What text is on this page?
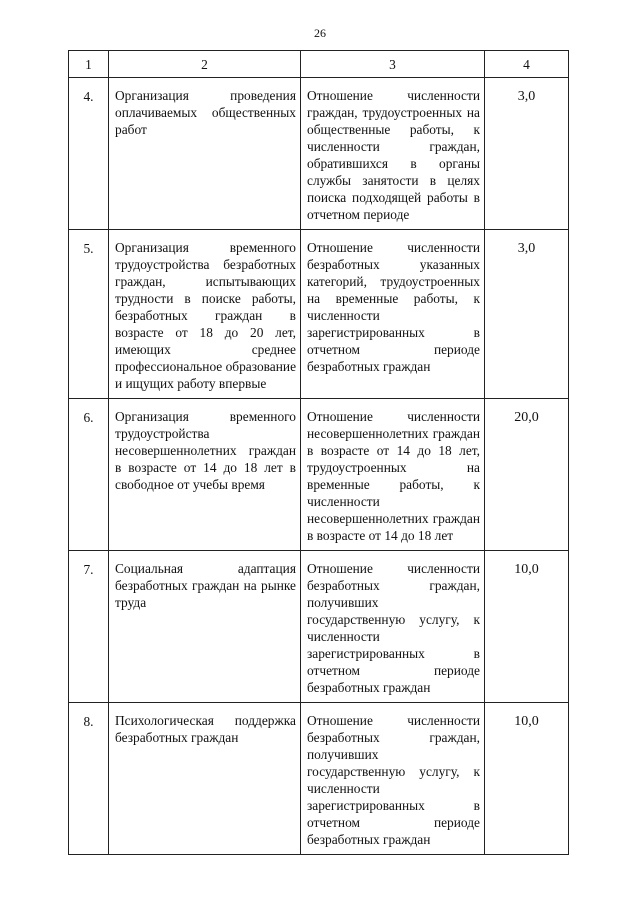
26
1	2	3	4
4.	Организация проведения оплачиваемых общественных работ	Отношение численности граждан, трудоустроенных на общественные работы, к численности граждан, обратившихся в органы службы занятости в целях поиска подходящей работы в отчетном периоде	3,0
5.	Организация временного трудоустройства безработных граждан, испытывающих трудности в поиске работы, безработных граждан в возрасте от 18 до 20 лет, имеющих среднее профессиональное образование и ищущих работу впервые	Отношение численности безработных указанных категорий, трудоустроенных на временные работы, к численности зарегистрированных в отчетном периоде безработных граждан	3,0
6.	Организация временного трудоустройства несовершеннолетних граждан в возрасте от 14 до 18 лет в свободное от учебы время	Отношение численности несовершеннолетних граждан в возрасте от 14 до 18 лет, трудоустроенных на временные работы, к численности несовершеннолетних граждан в возрасте от 14 до 18 лет	20,0
7.	Социальная адаптация безработных граждан на рынке труда	Отношение численности безработных граждан, получивших государственную услугу, к численности зарегистрированных в отчетном периоде безработных граждан	10,0
8.	Психологическая поддержка безработных граждан	Отношение численности безработных граждан, получивших государственную услугу, к численности зарегистрированных в отчетном периоде безработных граждан	10,0
